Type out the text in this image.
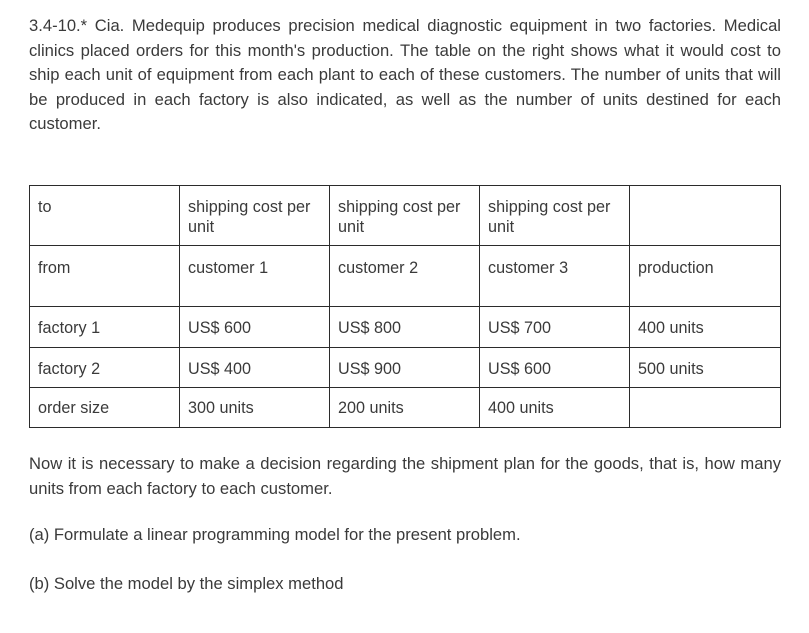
3.4-10.* Cia. Medequip produces precision medical diagnostic equipment in two factories. Medical clinics placed orders for this month's production. The table on the right shows what it would cost to ship each unit of equipment from each plant to each of these customers. The number of units that will be produced in each factory is also indicated, as well as the number of units destined for each customer.

to	shipping cost per unit	shipping cost per unit	shipping cost per unit	
from	customer 1	customer 2	customer 3	production
factory 1	US$ 600	US$ 800	US$ 700	400 units
factory 2	US$ 400	US$ 900	US$ 600	500 units
order size	300 units	200 units	400 units	

Now it is necessary to make a decision regarding the shipment plan for the goods, that is, how many units from each factory to each customer.

(a) Formulate a linear programming model for the present problem.

(b) Solve the model by the simplex method
